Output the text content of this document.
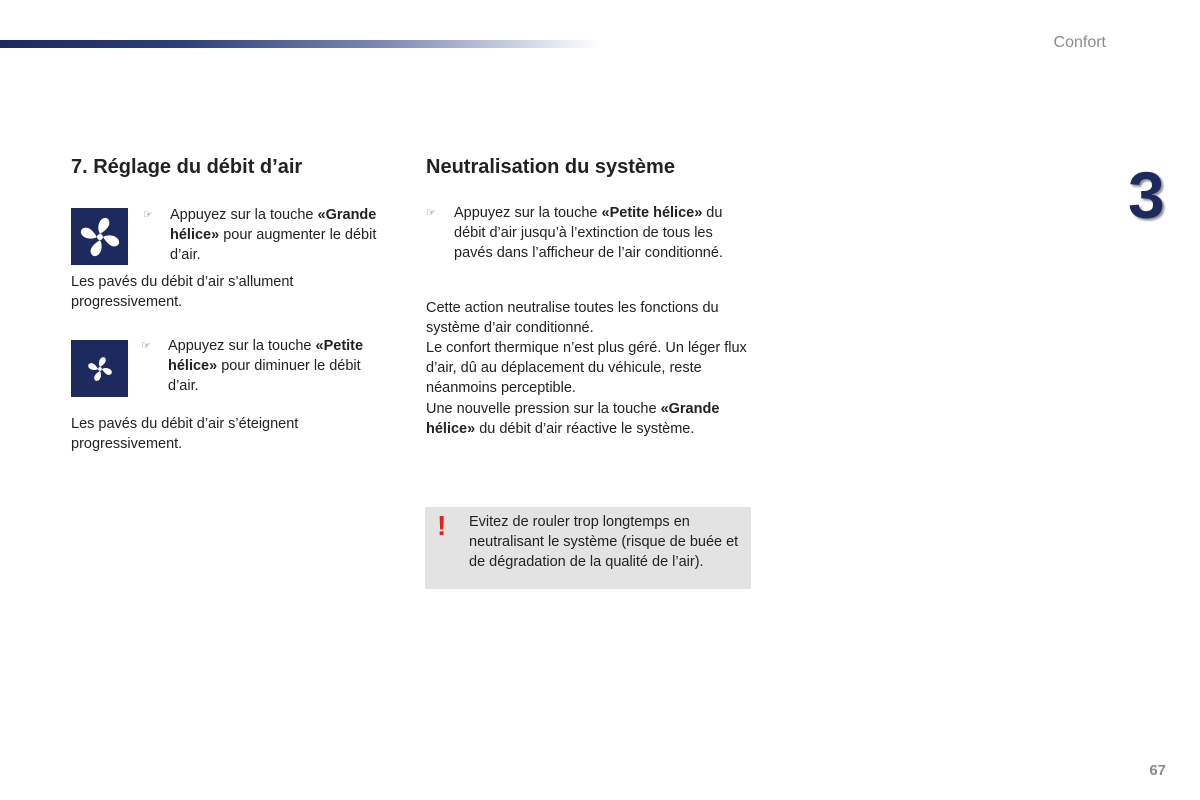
Confort
3
7. Réglage du débit d’air
☞	Appuyez sur la touche «Grande hélice» pour augmenter le débit d’air.

Les pavés du débit d’air s’allument progressivement.

☞	Appuyez sur la touche «Petite hélice» pour diminuer le débit d’air.

Les pavés du débit d’air s’éteignent progressivement.

Neutralisation du système
☞	Appuyez sur la touche «Petite hélice» du débit d’air jusqu’à l’extinction de tous les pavés dans l’afficheur de l’air conditionné.

Cette action neutralise toutes les fonctions du système d’air conditionné.

Le confort thermique n’est plus géré. Un léger flux d’air, dû au déplacement du véhicule, reste néanmoins perceptible.

Une nouvelle pression sur la touche «Grande hélice» du débit d’air réactive le système.

! Evitez de rouler trop longtemps en neutralisant le système (risque de buée et de dégradation de la qualité de l’air).
67
